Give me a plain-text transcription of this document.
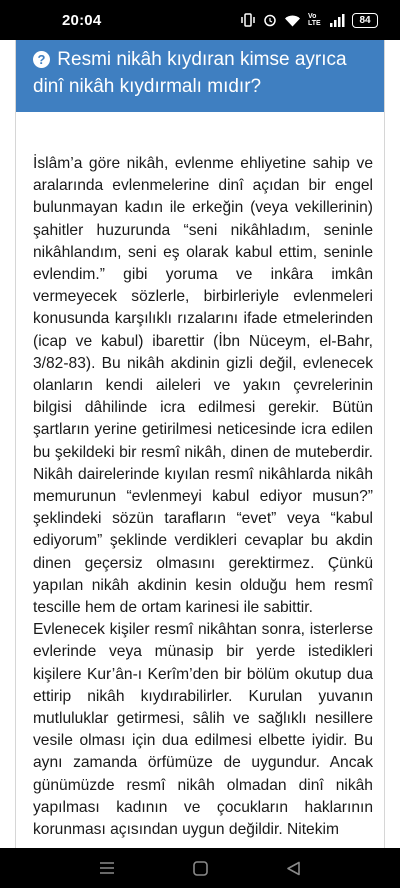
20:04	Vo LTE	84
? Resmi nikâh kıydıran kimse ayrıca dinî nikâh kıydırmalı mıdır?

İslâm’a göre nikâh, evlenme ehliyetine sahip ve aralarında evlenmelerine dinî açıdan bir engel bulunmayan kadın ile erkeğin (veya vekillerinin) şahitler huzurunda “seni nikâhladım, seninle nikâhlandım, seni eş olarak kabul ettim, seninle evlendim.” gibi yoruma ve inkâra imkân vermeyecek sözlerle, birbirleriyle evlenmeleri konusunda karşılıklı rızalarını ifade etmelerinden (icap ve kabul) ibarettir (İbn Nüceym, el-Bahr, 3/82-83). Bu nikâh akdinin gizli değil, evlenecek olanların kendi aileleri ve yakın çevrelerinin bilgisi dâhilinde icra edilmesi gerekir. Bütün şartların yerine getirilmesi neticesinde icra edilen bu şekildeki bir resmî nikâh, dinen de muteberdir. Nikâh dairelerinde kıyılan resmî nikâhlarda nikâh memurunun “evlenmeyi kabul ediyor musun?” şeklindeki sözün tarafların “evet” veya “kabul ediyorum” şeklinde verdikleri cevaplar bu akdin dinen geçersiz olmasını gerektirmez. Çünkü yapılan nikâh akdinin kesin olduğu hem resmî tescille hem de ortam karinesi ile sabittir.

Evlenecek kişiler resmî nikâhtan sonra, isterlerse evlerinde veya münasip bir yerde istedikleri kişilere Kur’ân-ı Kerîm’den bir bölüm okutup dua ettirip nikâh kıydırabilirler. Kurulan yuvanın mutluluklar getirmesi, sâlih ve sağlıklı nesillere vesile olması için dua edilmesi elbette iyidir. Bu aynı zamanda örfümüze de uygundur. Ancak günümüzde resmî nikâh olmadan dinî nikâh yapılması kadının ve çocukların haklarının korunması açısından uygun değildir. Nitekim
